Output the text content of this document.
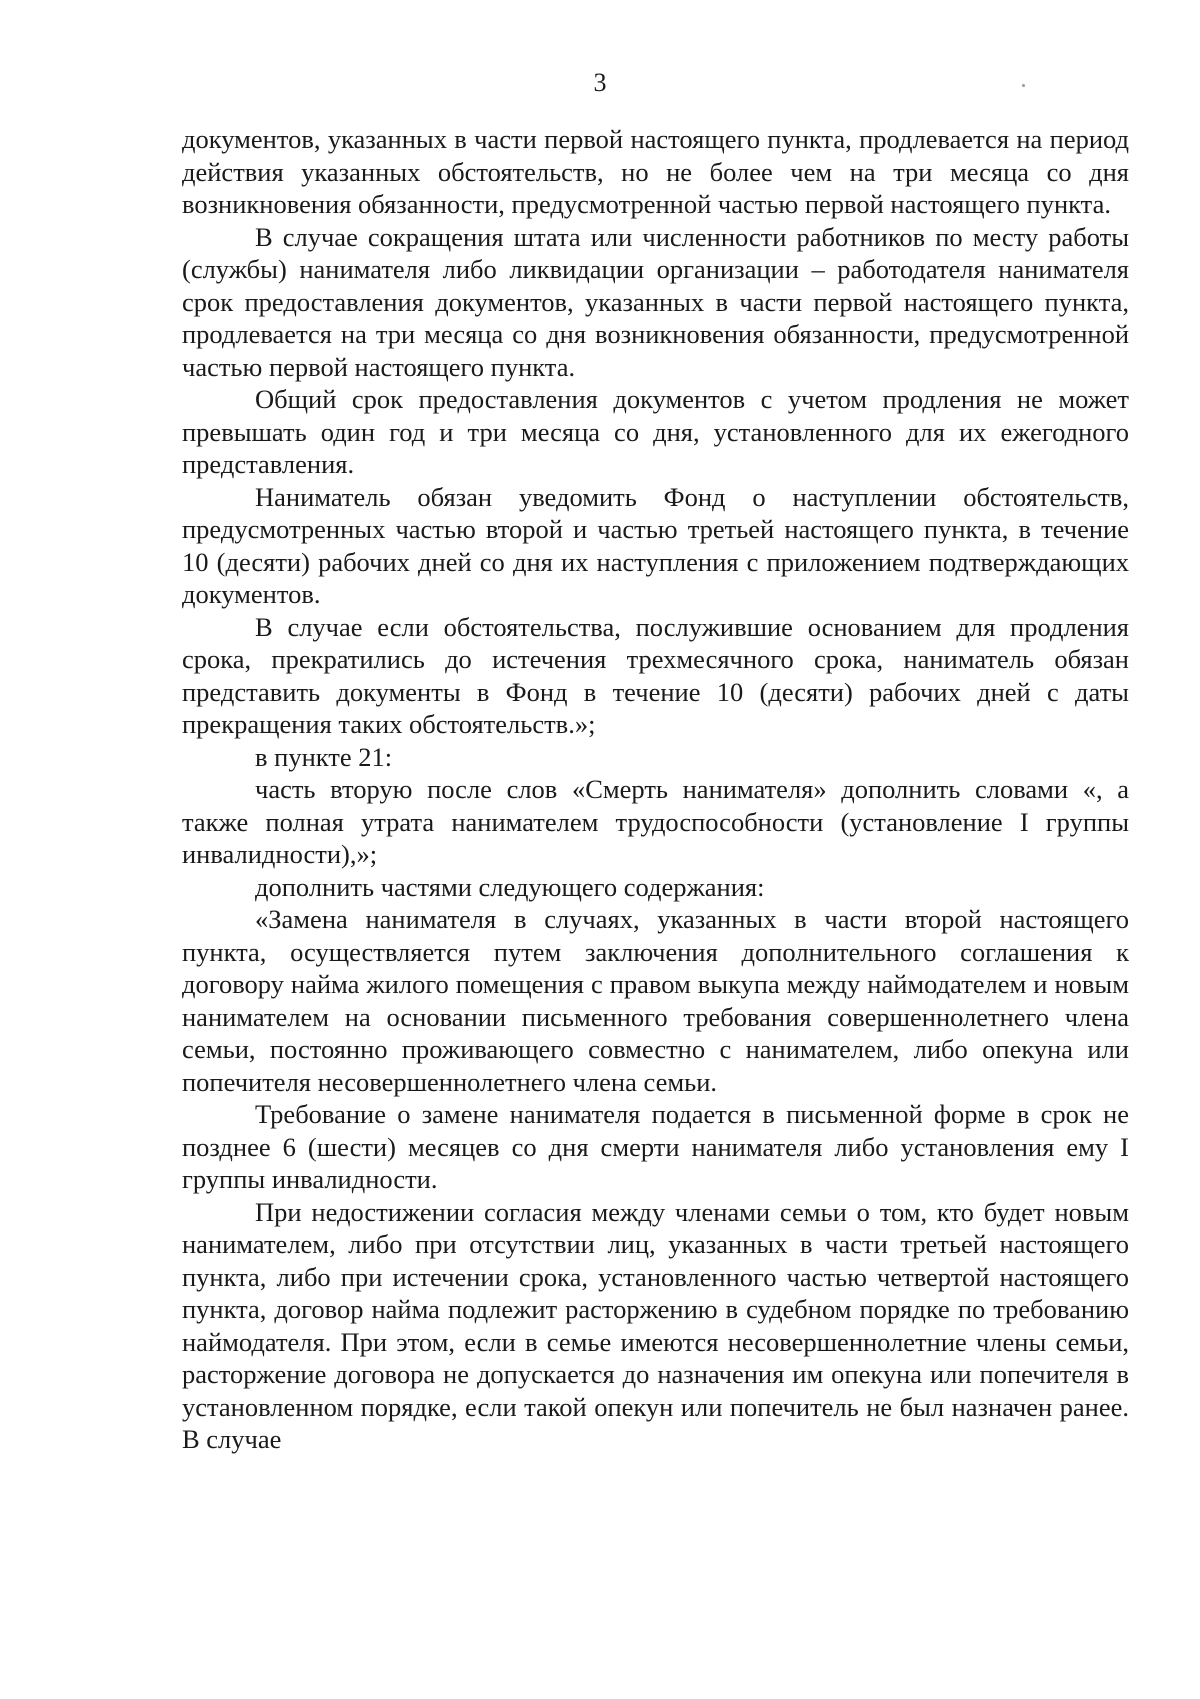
3

документов, указанных в части первой настоящего пункта, продлевается на период действия указанных обстоятельств, но не более чем на три месяца со дня возникновения обязанности, предусмотренной частью первой настоящего пункта.

В случае сокращения штата или численности работников по месту работы (службы) нанимателя либо ликвидации организации – работодателя нанимателя срок предоставления документов, указанных в части первой настоящего пункта, продлевается на три месяца со дня возникновения обязанности, предусмотренной частью первой настоящего пункта.

Общий срок предоставления документов с учетом продления не может превышать один год и три месяца со дня, установленного для их ежегодного представления.

Наниматель обязан уведомить Фонд о наступлении обстоятельств, предусмотренных частью второй и частью третьей настоящего пункта, в течение 10 (десяти) рабочих дней со дня их наступления с приложением подтверждающих документов.

В случае если обстоятельства, послужившие основанием для продления срока, прекратились до истечения трехмесячного срока, наниматель обязан представить документы в Фонд в течение 10 (десяти) рабочих дней с даты прекращения таких обстоятельств.»;

в пункте 21:

часть вторую после слов «Смерть нанимателя» дополнить словами «, а также полная утрата нанимателем трудоспособности (установление I группы инвалидности),»;

дополнить частями следующего содержания:

«Замена нанимателя в случаях, указанных в части второй настоящего пункта, осуществляется путем заключения дополнительного соглашения к договору найма жилого помещения с правом выкупа между наймодателем и новым нанимателем на основании письменного требования совершеннолетнего члена семьи, постоянно проживающего совместно с нанимателем, либо опекуна или попечителя несовершеннолетнего члена семьи.

Требование о замене нанимателя подается в письменной форме в срок не позднее 6 (шести) месяцев со дня смерти нанимателя либо установления ему I группы инвалидности.

При недостижении согласия между членами семьи о том, кто будет новым нанимателем, либо при отсутствии лиц, указанных в части третьей настоящего пункта, либо при истечении срока, установленного частью четвертой настоящего пункта, договор найма подлежит расторжению в судебном порядке по требованию наймодателя. При этом, если в семье имеются несовершеннолетние члены семьи, расторжение договора не допускается до назначения им опекуна или попечителя в установленном порядке, если такой опекун или попечитель не был назначен ранее. В случае
